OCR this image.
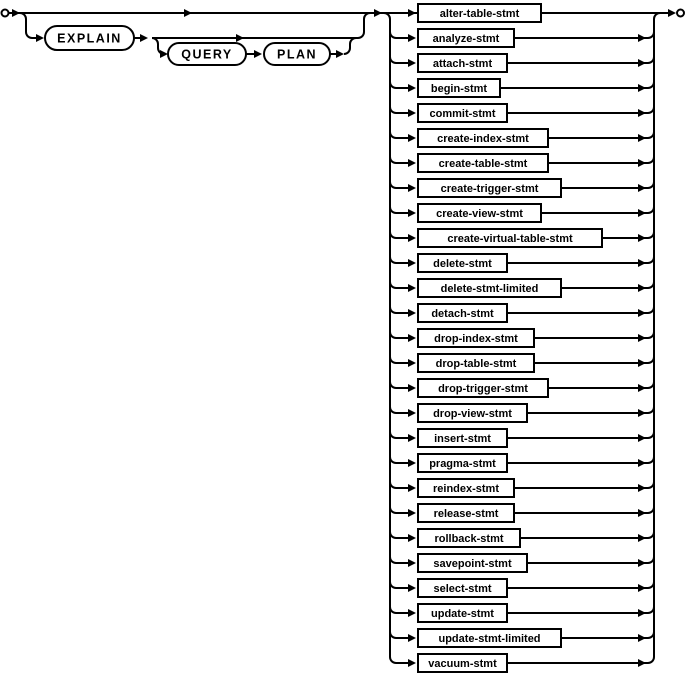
EXPLAIN
QUERY	PLAN
alter-table-stmt
analyze-stmt
attach-stmt
begin-stmt
commit-stmt
create-index-stmt
create-table-stmt
create-trigger-stmt
create-view-stmt
create-virtual-table-stmt
delete-stmt
delete-stmt-limited
detach-stmt
drop-index-stmt
drop-table-stmt
drop-trigger-stmt
drop-view-stmt
insert-stmt
pragma-stmt
reindex-stmt
release-stmt
rollback-stmt
savepoint-stmt
select-stmt
update-stmt
update-stmt-limited
vacuum-stmt
